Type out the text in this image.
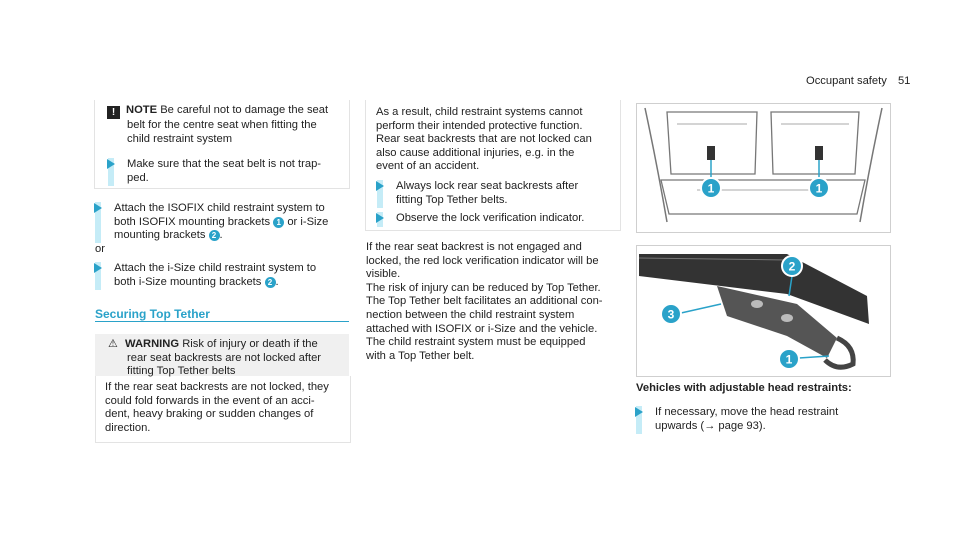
Occupant safety 51

! NOTE Be careful not to damage the seat

belt for the centre seat when fitting the

child restraint system

Make sure that the seat belt is not trap-

ped.

Attach the ISOFIX child restraint system to

both ISOFIX mounting brackets 1 or i-Size

mounting brackets 2 .

or

Attach the i-Size child restraint system to

both i-Size mounting brackets 2 .

Securing Top Tether

⚠ WARNING Risk of injury or death if the

rear seat backrests are not locked after

fitting Top Tether belts

If the rear seat backrests are not locked, they

could fold forwards in the event of an acci-

dent, heavy braking or sudden changes of

direction.

As a result, child restraint systems cannot

perform their intended protective function.

Rear seat backrests that are not locked can

also cause additional injuries, e.g. in the

event of an accident.

Always lock rear seat backrests after

fitting Top Tether belts.

Observe the lock verification indicator.

If the rear seat backrest is not engaged and

locked, the red lock verification indicator will be

visible.

The risk of injury can be reduced by Top Tether.

The Top Tether belt facilitates an additional con-

nection between the child restraint system

attached with ISOFIX or i-Size and the vehicle.

The child restraint system must be equipped

with a Top Tether belt.

1	1
2
3
1
Vehicles with adjustable head restraints:

If necessary, move the head restraint

upwards (→ page 93).
